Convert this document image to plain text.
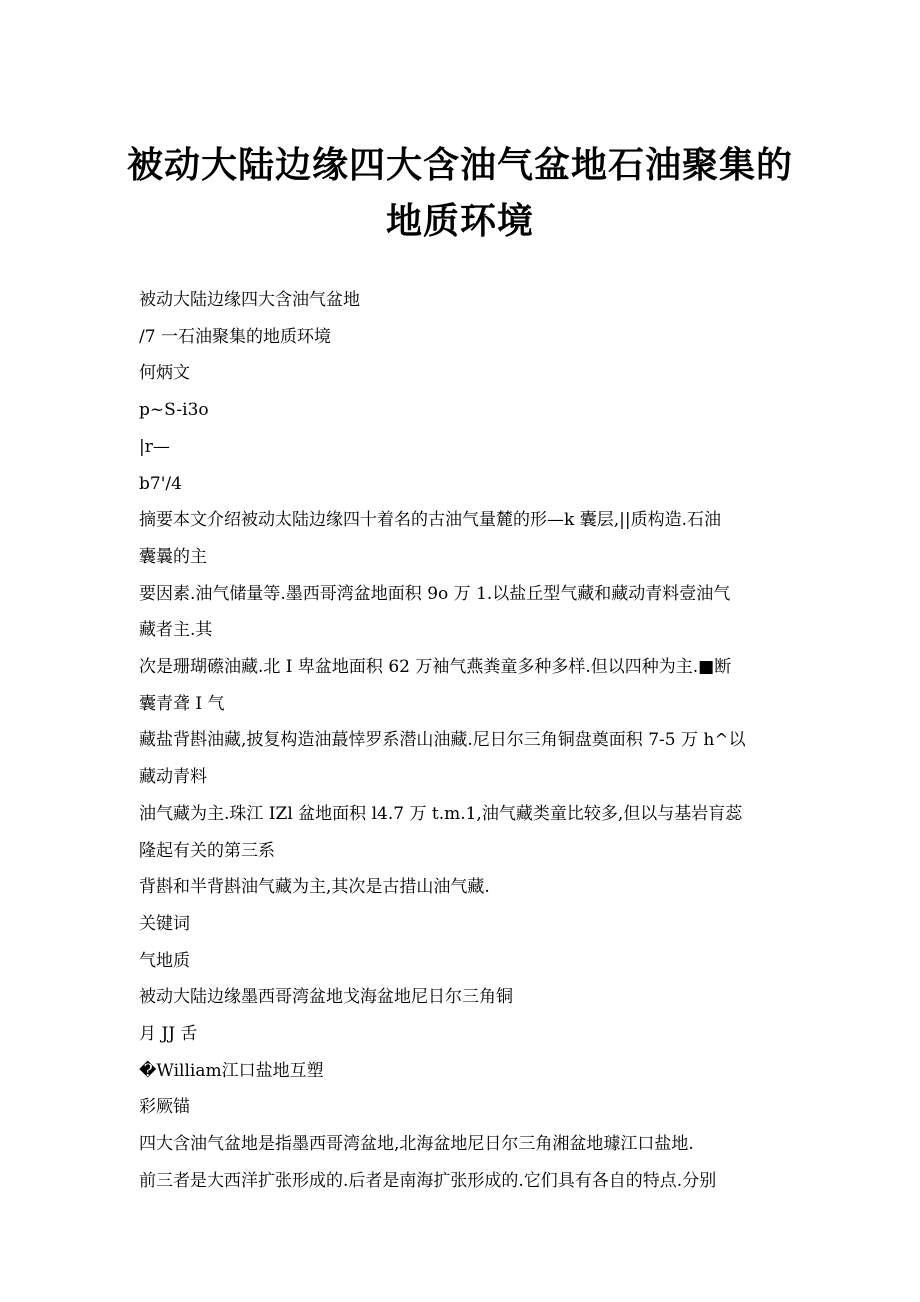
被动大陆边缘四大含油气盆地石油聚集的
地质环境
被动大陆边缘四大含油气盆地
/7 一石油聚集的地质环境
何炳文
p~S-i3o
|r—
b7'/4
摘要本文介绍被动太陆边缘四十着名的古油气量麓的形—k 囊层,||质构造.石油
囊曩的主
要因素.油气储量等.墨西哥湾盆地面积 9o 万 1.以盐丘型气藏和藏动青料壹油气
藏者主.其
次是珊瑚礤油藏.北 I 卑盆地面积 62 万袖气燕粪童多种多样.但以四种为主.■断
囊青聋 I 气
藏盐背斟油藏,披复构造油蕞悻罗系潜山油藏.尼日尔三角铜盘奠面积 7-5 万 h^以
藏动青料
油气藏为主.珠江 IZl 盆地面积 l4.7 万 t.m.1,油气藏类童比较多,但以与基岩肓蕊
隆起有关的第三系
背斟和半背斟油气藏为主,其次是古措山油气藏.
关键词
气地质
被动大陆边缘墨西哥湾盆地戈海盆地尼日尔三角铜
月 JJ 舌
�William江口盐地互塑
彩厥锚
四大含油气盆地是指墨西哥湾盆地,北海盆地尼日尔三角湘盆地璩江口盐地.
前三者是大西洋扩张形成的.后者是南海扩张形成的.它们具有各自的特点.分别
